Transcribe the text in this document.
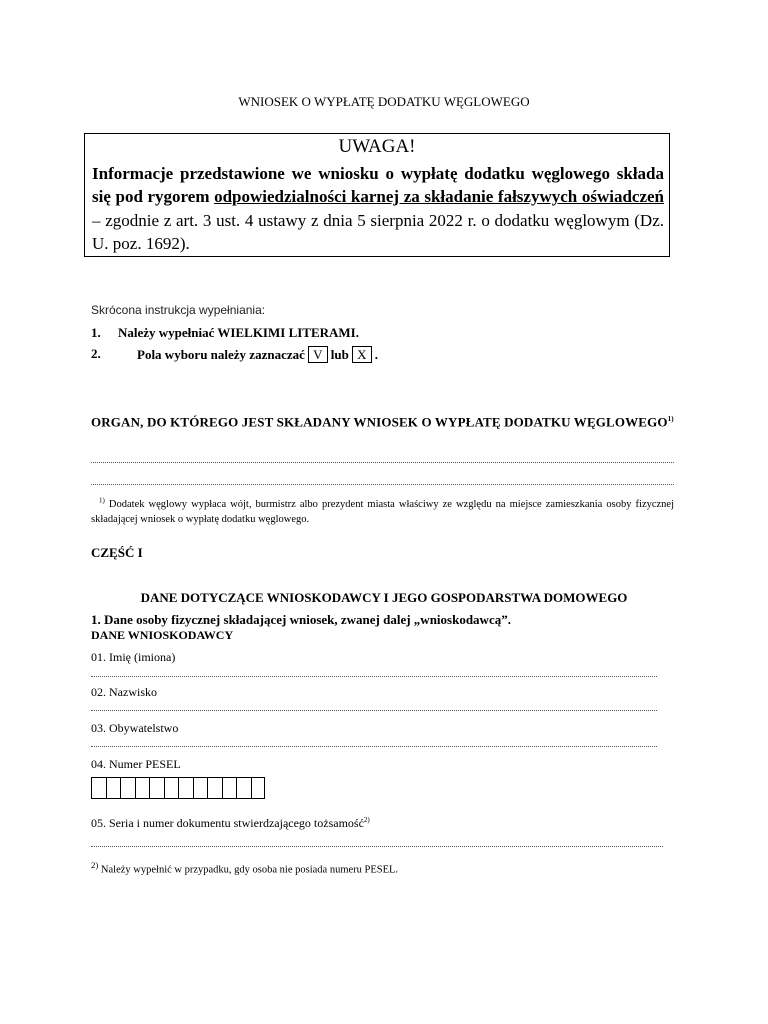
WNIOSEK O WYPŁATĘ DODATKU WĘGLOWEGO
UWAGA!
Informacje przedstawione we wniosku o wypłatę dodatku węglowego składa się pod rygorem odpowiedzialności karnej za składanie fałszywych oświadczeń – zgodnie z art. 3 ust. 4 ustawy z dnia 5 sierpnia 2022 r. o dodatku węglowym (Dz. U. poz. 1692).
Skrócona instrukcja wypełniania:
1. Należy wypełniać WIELKIMI LITERAMI.
2.	Pola wyboru należy zaznaczać V lub X .
ORGAN, DO KTÓREGO JEST SKŁADANY WNIOSEK O WYPŁATĘ DODATKU WĘGLOWEGO$^{1)}$
$^{1)}$ Dodatek węglowy wypłaca wójt, burmistrz albo prezydent miasta właściwy ze względu na miejsce zamieszkania osoby fizycznej składającej wniosek o wypłatę dodatku węglowego.
CZĘŚĆ I
DANE DOTYCZĄCE WNIOSKODAWCY I JEGO GOSPODARSTWA DOMOWEGO
1. Dane osoby fizycznej składającej wniosek, zwanej dalej „wnioskodawcą”.
DANE WNIOSKODAWCY
01. Imię (imiona)
02. Nazwisko
03. Obywatelstwo
04. Numer PESEL
05. Seria i numer dokumentu stwierdzającego tożsamość$^{2)}$
$^{2)}$ Należy wypełnić w przypadku, gdy osoba nie posiada numeru PESEL.
